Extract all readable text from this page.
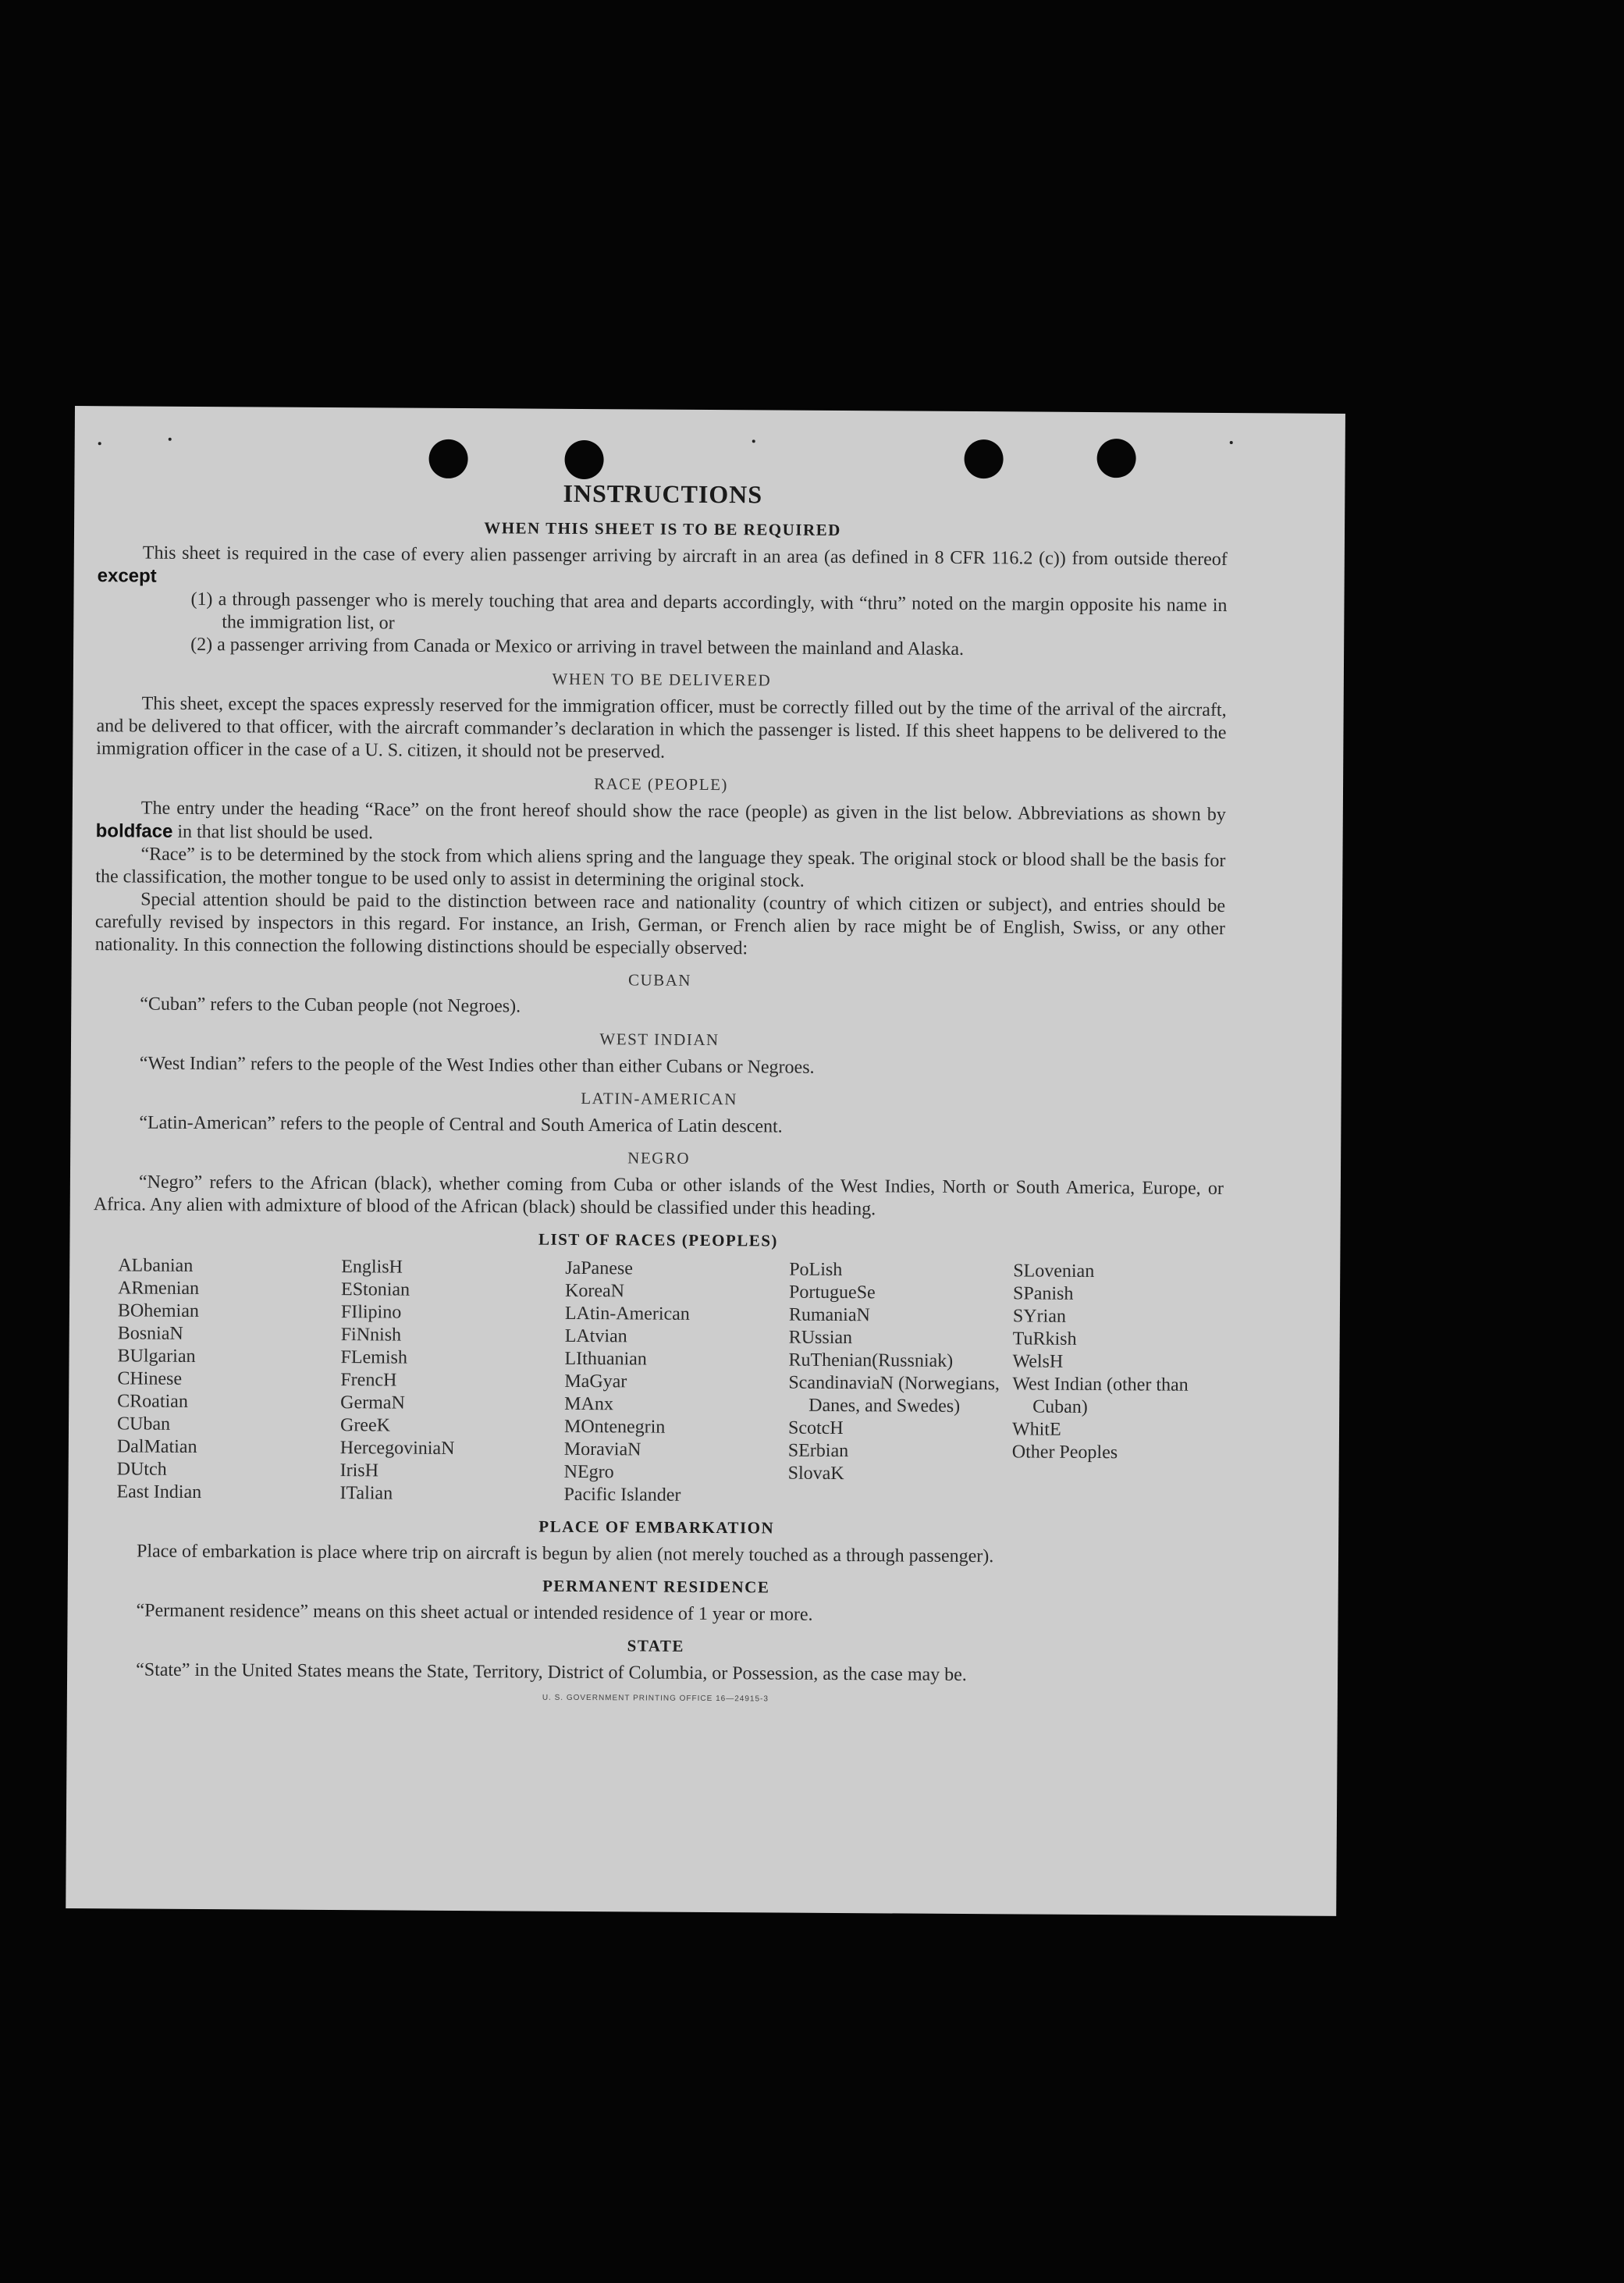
INSTRUCTIONS
WHEN THIS SHEET IS TO BE REQUIRED

This sheet is required in the case of every alien passenger arriving by aircraft in an area (as defined in 8 CFR 116.2 (c)) from outside thereof except

(1) a through passenger who is merely touching that area and departs accordingly, with “thru” noted on the margin opposite his name in the immigration list, or
(2) a passenger arriving from Canada or Mexico or arriving in travel between the mainland and Alaska.
WHEN TO BE DELIVERED

This sheet, except the spaces expressly reserved for the immigration officer, must be correctly filled out by the time of the arrival of the aircraft, and be delivered to that officer, with the aircraft commander’s declaration in which the passenger is listed. If this sheet happens to be delivered to the immigration officer in the case of a U. S. citizen, it should not be preserved.

RACE (PEOPLE)

The entry under the heading “Race” on the front hereof should show the race (people) as given in the list below. Abbreviations as shown by boldface in that list should be used.

“Race” is to be determined by the stock from which aliens spring and the language they speak. The original stock or blood shall be the basis for the classification, the mother tongue to be used only to assist in determining the original stock.

Special attention should be paid to the distinction between race and nationality (country of which citizen or subject), and entries should be carefully revised by inspectors in this regard. For instance, an Irish, German, or French alien by race might be of English, Swiss, or any other nationality. In this connection the following distinctions should be especially observed:

CUBAN

“Cuban” refers to the Cuban people (not Negroes).

WEST INDIAN

“West Indian” refers to the people of the West Indies other than either Cubans or Negroes.

LATIN-AMERICAN

“Latin-American” refers to the people of Central and South America of Latin descent.

NEGRO

“Negro” refers to the African (black), whether coming from Cuba or other islands of the West Indies, North or South America, Europe, or Africa. Any alien with admixture of blood of the African (black) should be classified under this heading.

LIST OF RACES (PEOPLES)
ALbanian
ARmenian
BOhemian
BosniaN
BUlgarian
CHinese
CRoatian
CUban
DalMatian
DUtch
East Indian
EnglisH
EStonian
FIlipino
FiNnish
FLemish
FrencH
GermaN
GreeK
HercegoviniaN
IrisH
ITalian
JaPanese
KoreaN
LAtin-American
LAtvian
LIthuanian
MaGyar
MAnx
MOntenegrin
MoraviaN
NEgro
Pacific Islander
PoLish
PortugueSe
RumaniaN
RUssian
RuThenian(Russniak)
ScandinaviaN (Norwegians, Danes, and Swedes)
ScotcH
SErbian
SlovaK
SLovenian
SPanish
SYrian
TuRkish
WelsH
West Indian (other than Cuban)
WhitE
Other Peoples
PLACE OF EMBARKATION

Place of embarkation is place where trip on aircraft is begun by alien (not merely touched as a through passenger).

PERMANENT RESIDENCE

“Permanent residence” means on this sheet actual or intended residence of 1 year or more.

STATE

“State” in the United States means the State, Territory, District of Columbia, or Possession, as the case may be.

U. S. GOVERNMENT PRINTING OFFICE 16—24915-3
